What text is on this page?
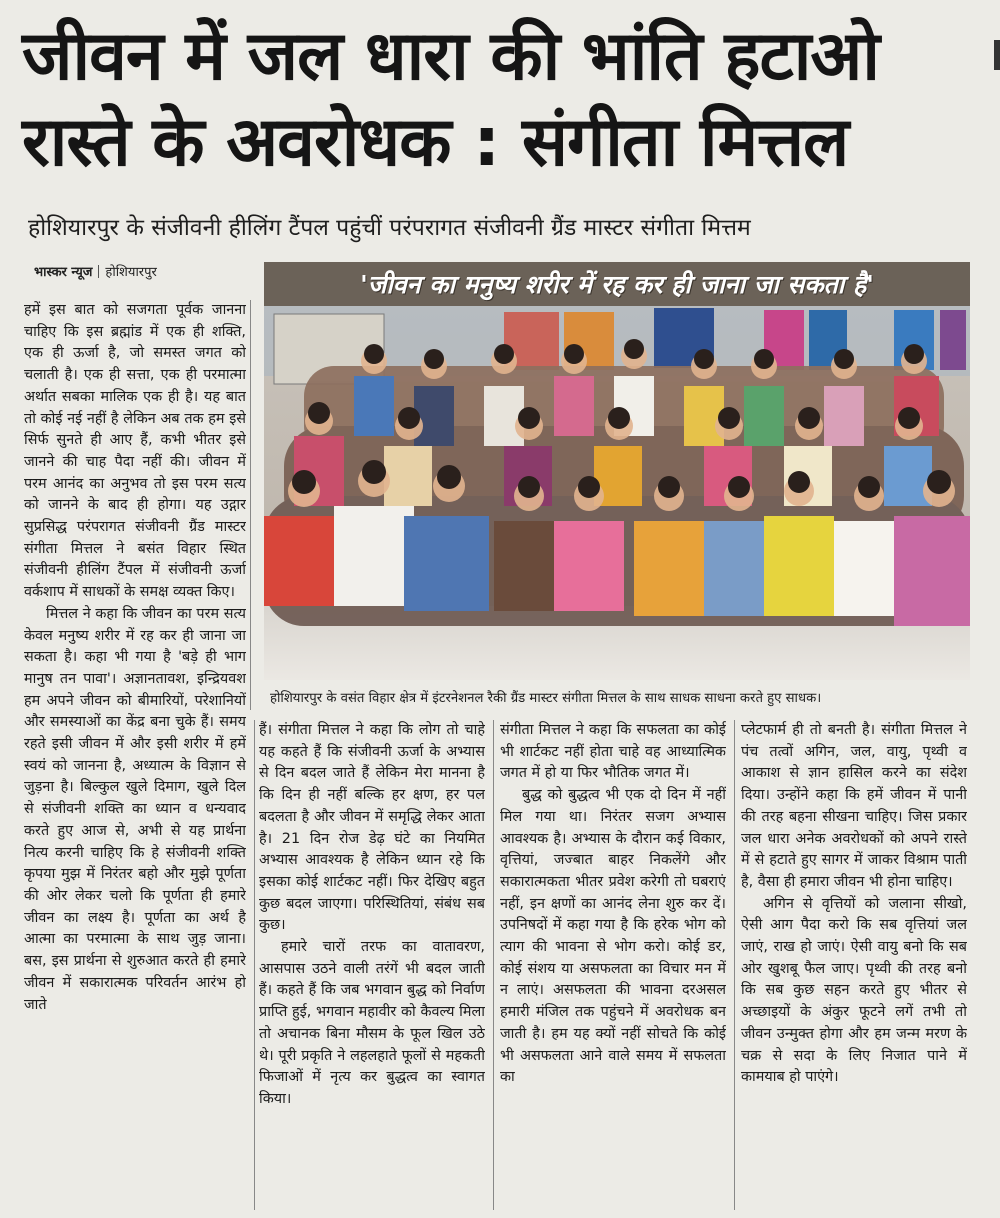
जीवन में जल धारा की भांति हटाओ
रास्ते के अवरोधक : संगीता मित्तल
होशियारपुर के संजीवनी हीलिंग टैंपल पहुंचीं परंपरागत संजीवनी ग्रैंड मास्टर संगीता मित्तम
भास्कर न्यूज होशियारपुर	'जीवन का मनुष्य शरीर में रह कर ही जाना जा सकता है'
होशियारपुर के वसंत विहार क्षेत्र में इंटरनेशनल रैकी ग्रैंड मास्टर संगीता मित्तल के साथ साधक साधना करते हुए साधक।

हमें इस बात को सजगता पूर्वक जानना चाहिए कि इस ब्रह्मांड में एक ही शक्ति, एक ही ऊर्जा है, जो समस्त जगत को चलाती है। एक ही सत्ता, एक ही परमात्मा अर्थात सबका मालिक एक ही है। यह बात तो कोई नई नहीं है लेकिन अब तक हम इसे सिर्फ सुनते ही आए हैं, कभी भीतर इसे जानने की चाह पैदा नहीं की। जीवन में परम आनंद का अनुभव तो इस परम सत्य को जानने के बाद ही होगा। यह उद्गार सुप्रसिद्ध परंपरागत संजीवनी ग्रैंड मास्टर संगीता मित्तल ने बसंत विहार स्थित संजीवनी हीलिंग टैंपल में संजीवनी ऊर्जा वर्कशाप में साधकों के समक्ष व्यक्त किए।

मित्तल ने कहा कि जीवन का परम सत्य केवल मनुष्य शरीर में रह कर ही जाना जा सकता है। कहा भी गया है 'बड़े ही भाग मानुष तन पावा'। अज्ञानतावश, इन्द्रियवश हम अपने जीवन को बीमारियों, परेशानियों और समस्याओं का केंद्र बना चुके हैं। समय रहते इसी जीवन में और इसी शरीर में हमें स्वयं को जानना है, अध्यात्म के विज्ञान से जुड़ना है। बिल्कुल खुले दिमाग, खुले दिल से संजीवनी शक्ति का ध्यान व धन्यवाद करते हुए आज से, अभी से यह प्रार्थना नित्य करनी चाहिए कि हे संजीवनी शक्ति कृपया मुझ में निरंतर बहो और मुझे पूर्णता की ओर लेकर चलो कि पूर्णता ही हमारे जीवन का लक्ष्य है। पूर्णता का अर्थ है आत्मा का परमात्मा के साथ जुड़ जाना। बस, इस प्रार्थना से शुरुआत करते ही हमारे जीवन में सकारात्मक परिवर्तन आरंभ हो जाते

हैं। संगीता मित्तल ने कहा कि लोग तो चाहे यह कहते हैं कि संजीवनी ऊर्जा के अभ्यास से दिन बदल जाते हैं लेकिन मेरा मानना है कि दिन ही नहीं बल्कि हर क्षण, हर पल बदलता है और जीवन में समृद्धि लेकर आता है। 21 दिन रोज डेढ़ घंटे का नियमित अभ्यास आवश्यक है लेकिन ध्यान रहे कि इसका कोई शार्टकट नहीं। फिर देखिए बहुत कुछ बदल जाएगा। परिस्थितियां, संबंध सब कुछ।

हमारे चारों तरफ का वातावरण, आसपास उठने वाली तरंगें भी बदल जाती हैं। कहते हैं कि जब भगवान बुद्ध को निर्वाण प्राप्ति हुई, भगवान महावीर को कैवल्य मिला तो अचानक बिना मौसम के फूल खिल उठे थे। पूरी प्रकृति ने लहलहाते फूलों से महकती फिजाओं में नृत्य कर बुद्धत्व का स्वागत किया।

संगीता मित्तल ने कहा कि सफलता का कोई भी शार्टकट नहीं होता चाहे वह आध्यात्मिक जगत में हो या फिर भौतिक जगत में।

बुद्ध को बुद्धत्व भी एक दो दिन में नहीं मिल गया था। निरंतर सजग अभ्यास आवश्यक है। अभ्यास के दौरान कई विकार, वृत्तियां, जज्बात बाहर निकलेंगे और सकारात्मकता भीतर प्रवेश करेगी तो घबराएं नहीं, इन क्षणों का आनंद लेना शुरु कर दें। उपनिषदों में कहा गया है कि हरेक भोग को त्याग की भावना से भोग करो। कोई डर, कोई संशय या असफलता का विचार मन में न लाएं। असफलता की भावना दरअसल हमारी मंजिल तक पहुंचने में अवरोधक बन जाती है। हम यह क्यों नहीं सोचते कि कोई भी असफलता आने वाले समय में सफलता का

प्लेटफार्म ही तो बनती है। संगीता मित्तल ने पंच तत्वों अगिन, जल, वायु, पृथ्वी व आकाश से ज्ञान हासिल करने का संदेश दिया। उन्होंने कहा कि हमें जीवन में पानी की तरह बहना सीखना चाहिए। जिस प्रकार जल धारा अनेक अवरोधकों को अपने रास्ते में से हटाते हुए सागर में जाकर विश्राम पाती है, वैसा ही हमारा जीवन भी होना चाहिए।

अगिन से वृत्तियों को जलाना सीखो, ऐसी आग पैदा करो कि सब वृत्तियां जल जाएं, राख हो जाएं। ऐसी वायु बनो कि सब ओर खुशबू फैल जाए। पृथ्वी की तरह बनो कि सब कुछ सहन करते हुए भीतर से अच्छाइयों के अंकुर फूटने लगें तभी तो जीवन उन्मुक्त होगा और हम जन्म मरण के चक्र से सदा के लिए निजात पाने में कामयाब हो पाएंगे।
